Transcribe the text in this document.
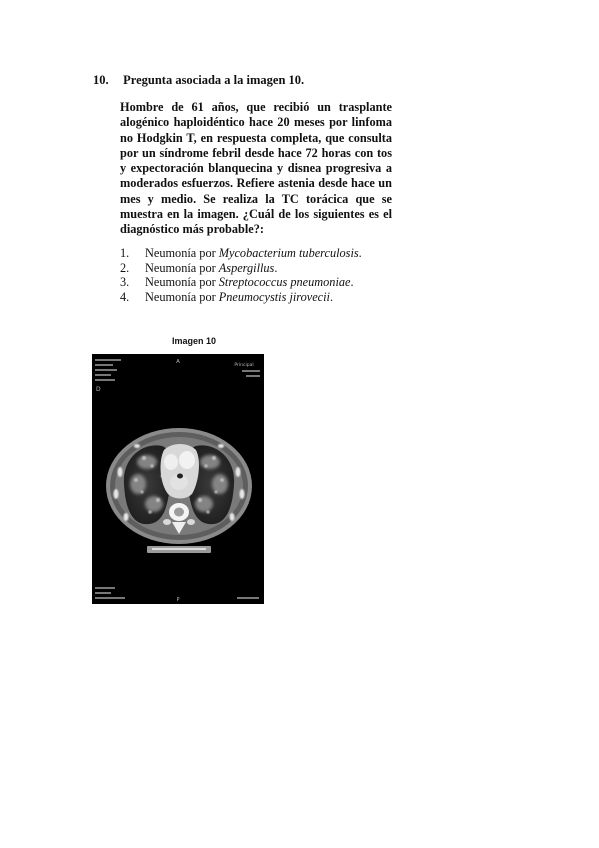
10. Pregunta asociada a la imagen 10.
Hombre de 61 años, que recibió un trasplante alogénico haploidéntico hace 20 meses por linfoma no Hodgkin T, en respuesta completa, que consulta por un síndrome febril desde hace 72 horas con tos y expectoración blanquecina y disnea progresiva a moderados esfuerzos. Refiere astenia desde hace un mes y medio. Se realiza la TC torácica que se muestra en la imagen. ¿Cuál de los siguientes es el diagnóstico más probable?:
1.	Neumonía por Mycobacterium tuberculosis.
2.	Neumonía por Aspergillus.
3.	Neumonía por Streptococcus pneumoniae.
4.	Neumonía por Pneumocystis jirovecii.
Imagen 10
D
A
Principal
P
